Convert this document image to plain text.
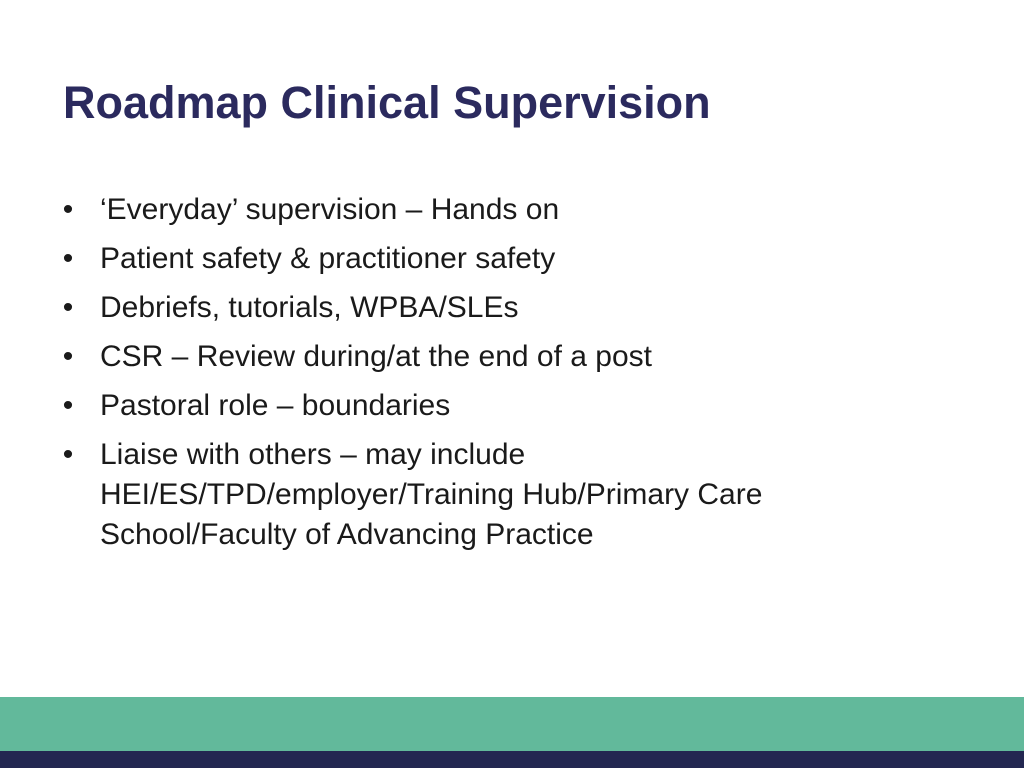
Roadmap Clinical Supervision
• ‘Everyday’ supervision – Hands on
• Patient safety & practitioner safety
• Debriefs, tutorials, WPBA/SLEs
• CSR – Review during/at the end of a post
• Pastoral role – boundaries
• Liaise with others – may include
HEI/ES/TPD/employer/Training Hub/Primary Care
School/Faculty of Advancing Practice
